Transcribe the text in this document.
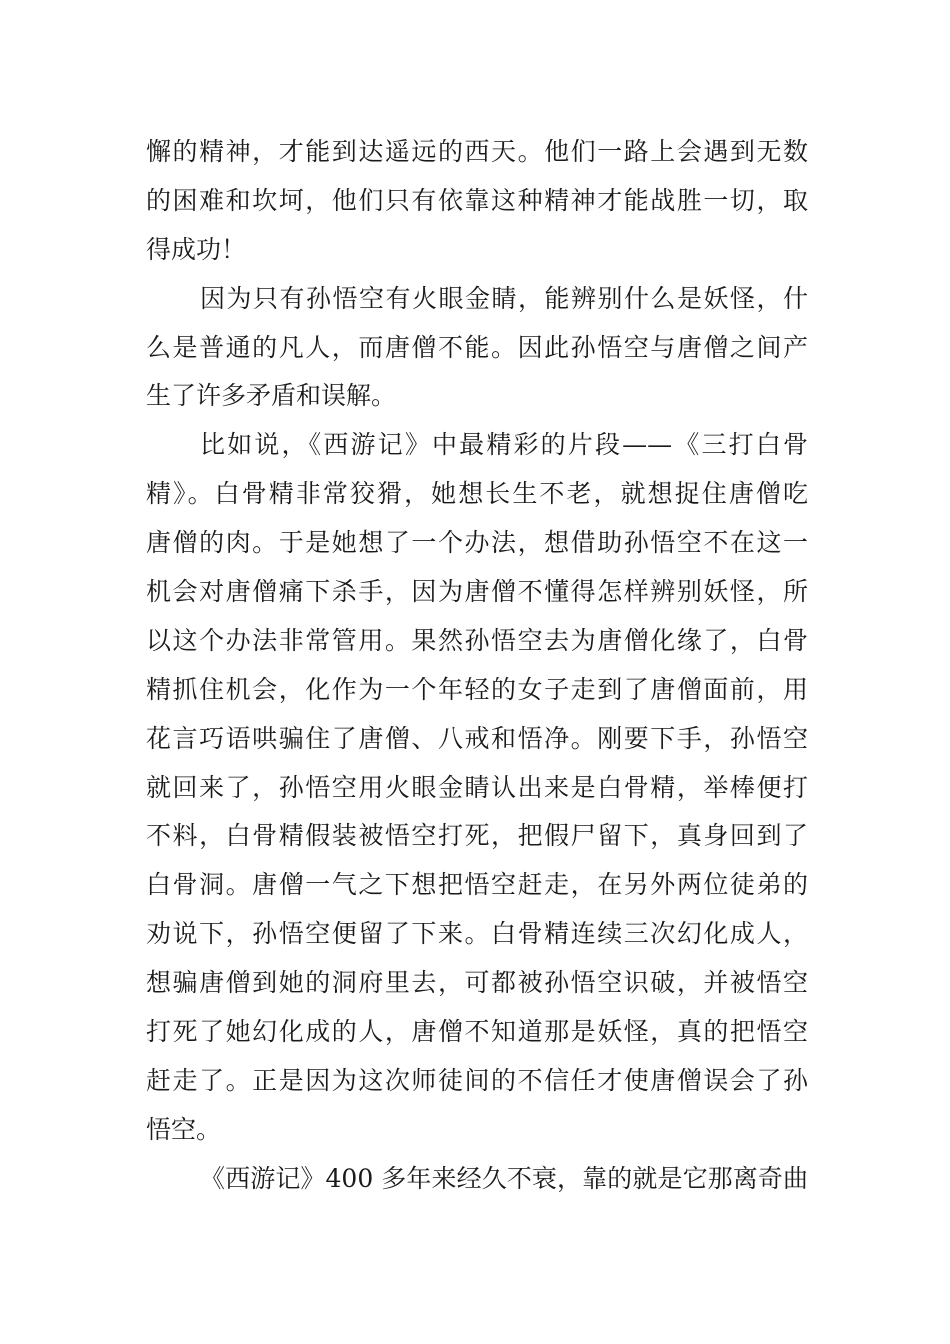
懈的精神，才能到达遥远的西天。他们一路上会遇到无数
的困难和坎坷，他们只有依靠这种精神才能战胜一切，取
得成功！
因为只有孙悟空有火眼金睛，能辨别什么是妖怪，什
么是普通的凡人，而唐僧不能。因此孙悟空与唐僧之间产
生了许多矛盾和误解。
比如说，《西游记》中最精彩的片段——《三打白骨
精》。白骨精非常狡猾，她想长生不老，就想捉住唐僧吃
唐僧的肉。于是她想了一个办法，想借助孙悟空不在这一
机会对唐僧痛下杀手，因为唐僧不懂得怎样辨别妖怪，所
以这个办法非常管用。果然孙悟空去为唐僧化缘了，白骨
精抓住机会，化作为一个年轻的女子走到了唐僧面前，用
花言巧语哄骗住了唐僧、八戒和悟净。刚要下手，孙悟空
就回来了，孙悟空用火眼金睛认出来是白骨精，举棒便打
不料，白骨精假装被悟空打死，把假尸留下，真身回到了
白骨洞。唐僧一气之下想把悟空赶走，在另外两位徒弟的
劝说下，孙悟空便留了下来。白骨精连续三次幻化成人，
想骗唐僧到她的洞府里去，可都被孙悟空识破，并被悟空
打死了她幻化成的人，唐僧不知道那是妖怪，真的把悟空
赶走了。正是因为这次师徒间的不信任才使唐僧误会了孙
悟空。
《西游记》400 多年来经久不衰，靠的就是它那离奇曲
